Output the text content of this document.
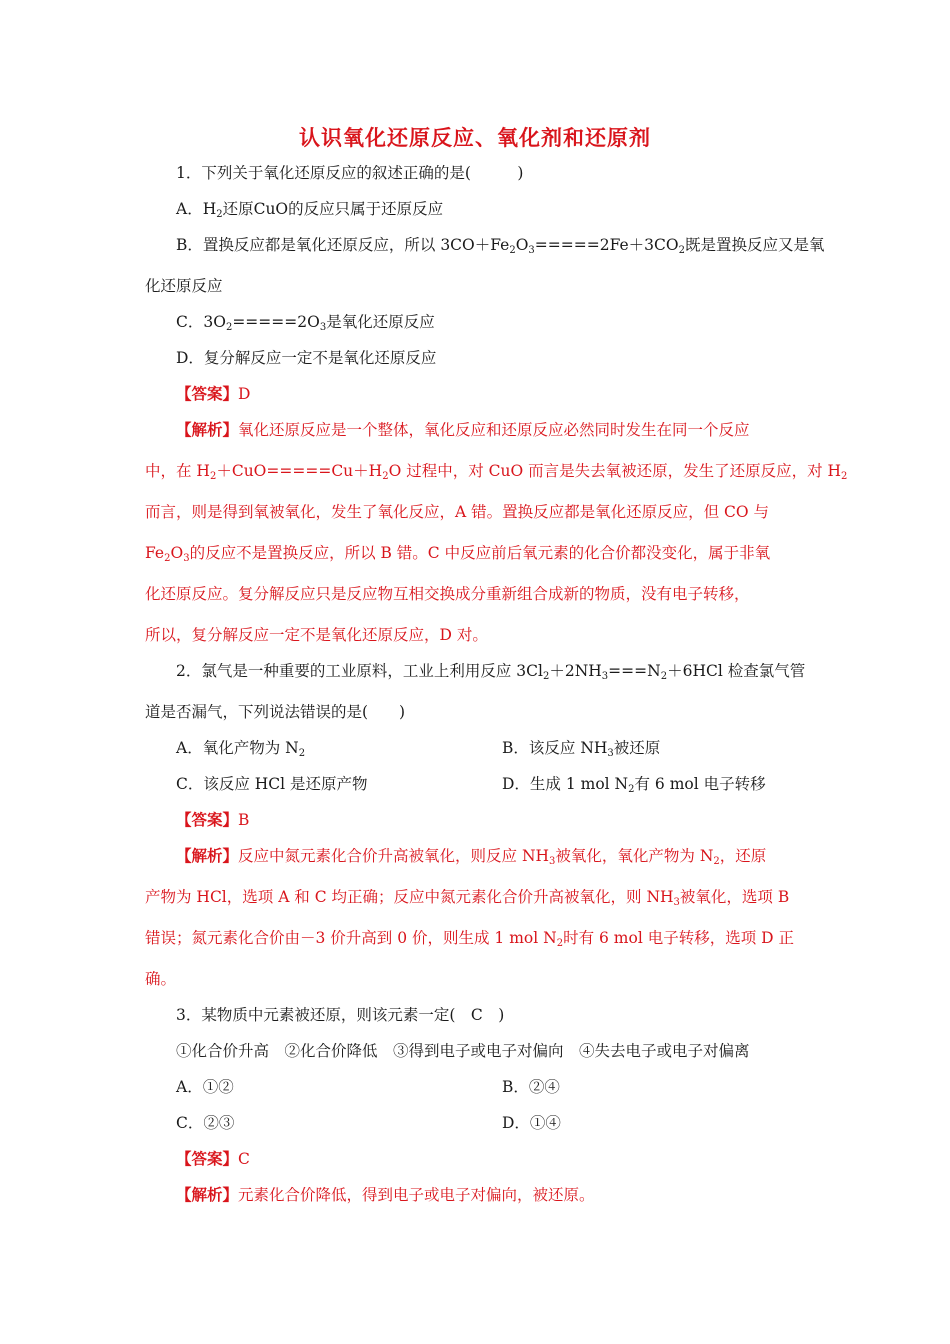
认识氧化还原反应、氧化剂和还原剂
1．下列关于氧化还原反应的叙述正确的是(　　　)
A．$H_2$还原CuO的反应只属于还原反应
B．置换反应都是氧化还原反应，所以 $3CO+Fe_2O_3=====2Fe+3CO_2$既是置换反应又是氧
化还原反应
C．$3O_2=====2O_3$是氧化还原反应
D．复分解反应一定不是氧化还原反应
【答案】D
【解析】氧化还原反应是一个整体，氧化反应和还原反应必然同时发生在同一个反应
中，在 $H_2+CuO=====Cu+H_2O$ 过程中，对 CuO 而言是失去氧被还原，发生了还原反应，对 $H_2$
而言，则是得到氧被氧化，发生了氧化反应，A 错。置换反应都是氧化还原反应，但 CO 与
$Fe_2O_3$的反应不是置换反应，所以 B 错。C 中反应前后氧元素的化合价都没变化，属于非氧
化还原反应。复分解反应只是反应物互相交换成分重新组合成新的物质，没有电子转移，
所以，复分解反应一定不是氧化还原反应，D 对。
2．氯气是一种重要的工业原料，工业上利用反应 $3Cl_2+2NH_3===N_2+6HCl$ 检查氯气管
道是否漏气，下列说法错误的是(　　)
A．氧化产物为 $N_2$	B．该反应 $NH_3$被还原
C．该反应 HCl 是还原产物	D．生成 1 mol $N_2$有 6 mol 电子转移
【答案】B
【解析】反应中氮元素化合价升高被氧化，则反应 $NH_3$被氧化，氧化产物为 $N_2$，还原
产物为 HCl，选项 A 和 C 均正确；反应中氮元素化合价升高被氧化，则 $NH_3$被氧化，选项 B
错误；氮元素化合价由－3 价升高到 0 价，则生成 1 mol $N_2$时有 6 mol 电子转移，选项 D 正
确。
3．某物质中元素被还原，则该元素一定(　C　)
①化合价升高　②化合价降低　③得到电子或电子对偏向　④失去电子或电子对偏离
A．①②	B．②④
C．②③	D．①④
【答案】C
【解析】元素化合价降低，得到电子或电子对偏向，被还原。
